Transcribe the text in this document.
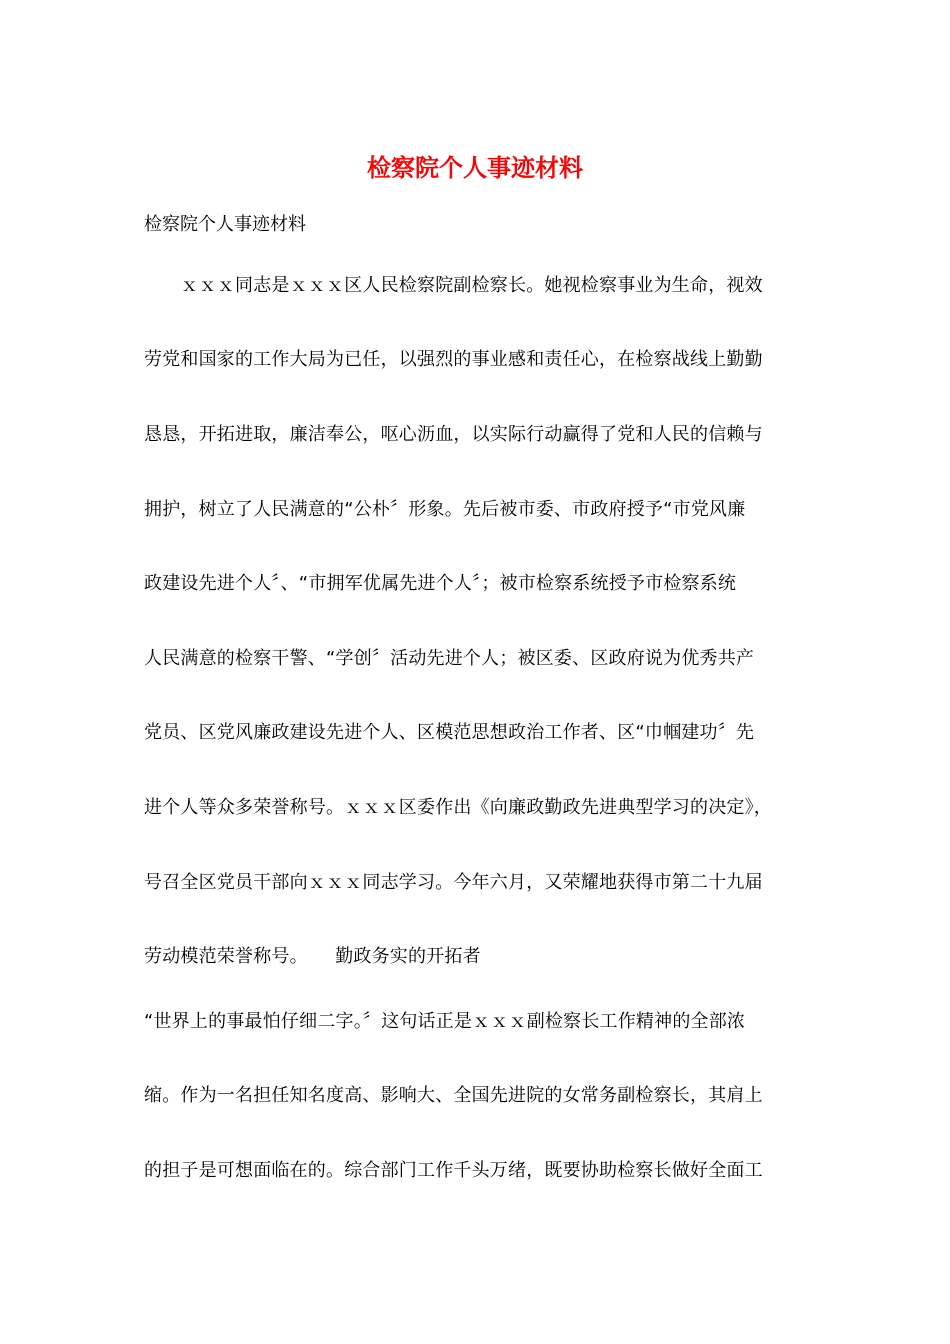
检察院个人事迹材料

检察院个人事迹材料

　　ｘｘｘ同志是ｘｘｘ区人民检察院副检察长。她视检察事业为生命，视效

劳党和国家的工作大局为已任，以强烈的事业感和责任心，在检察战线上勤勤

恳恳，开拓进取，廉洁奉公，呕心沥血，以实际行动赢得了党和人民的信赖与

拥护，树立了人民满意的“公朴〞形象。先后被市委、市政府授予“市党风廉

政建设先进个人〞、“市拥军优属先进个人〞；被市检察系统授予市检察系统

人民满意的检察干警、“学创〞活动先进个人；被区委、区政府说为优秀共产

党员、区党风廉政建设先进个人、区模范思想政治工作者、区“巾帼建功〞先

进个人等众多荣誉称号。ｘｘｘ区委作出《向廉政勤政先进典型学习的决定》，

号召全区党员干部向ｘｘｘ同志学习。今年六月，又荣耀地获得市第二十九届

劳动模范荣誉称号。　　勤政务实的开拓者

“世界上的事最怕仔细二字。〞这句话正是ｘｘｘ副检察长工作精神的全部浓

缩。作为一名担任知名度高、影响大、全国先进院的女常务副检察长，其肩上

的担子是可想面临在的。综合部门工作千头万绪，既要协助检察长做好全面工
